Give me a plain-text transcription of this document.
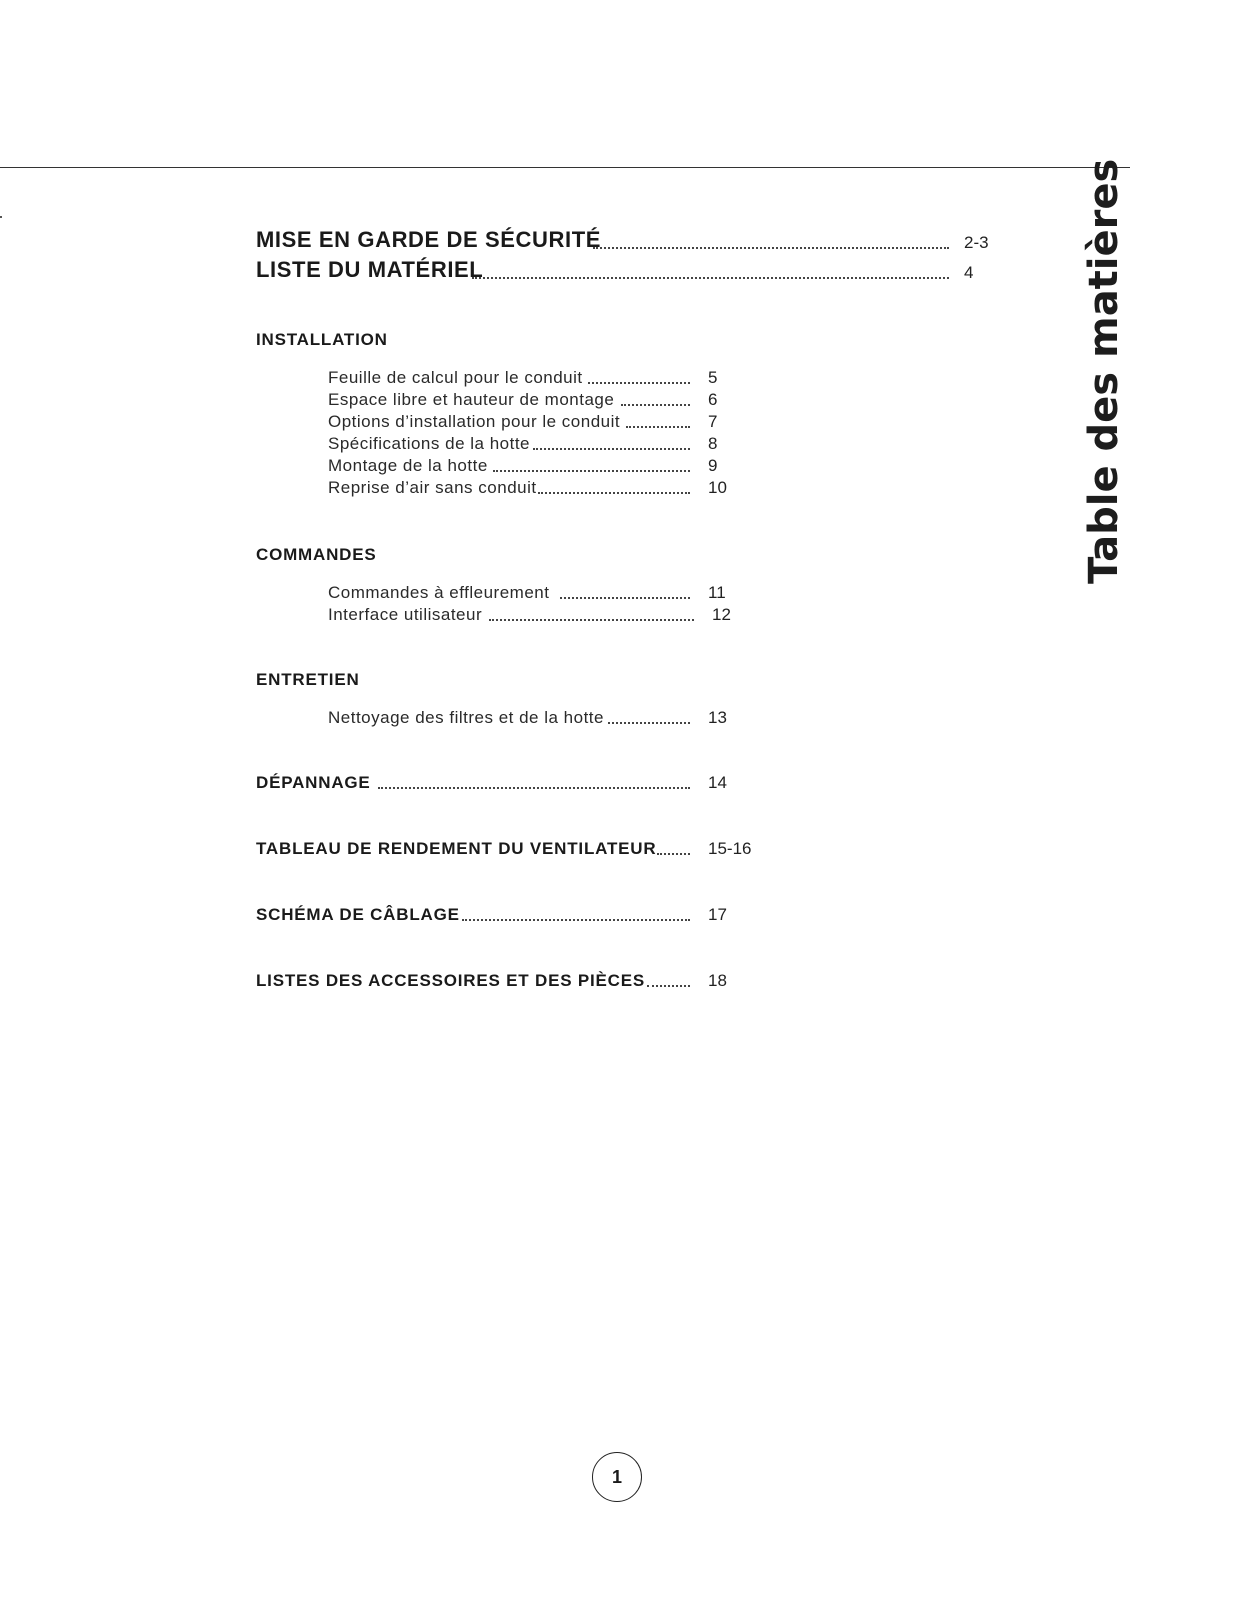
Table des matières
MISE EN GARDE DE SÉCURITÉ	2-3
LISTE DU MATÉRIEL	4
INSTALLATION
Feuille de calcul pour le conduit	5
Espace libre et hauteur de montage	6
Options d’installation pour le conduit	7
Spécifications de la hotte	8
Montage de la hotte	9
Reprise d’air sans conduit	10
COMMANDES
Commandes à effleurement	11
Interface utilisateur	12
ENTRETIEN
Nettoyage des filtres et de la hotte	13
DÉPANNAGE	14
TABLEAU DE RENDEMENT DU VENTILATEUR	15-16
SCHÉMA DE CÂBLAGE	17
LISTES DES ACCESSOIRES ET DES PIÈCES	18
1
